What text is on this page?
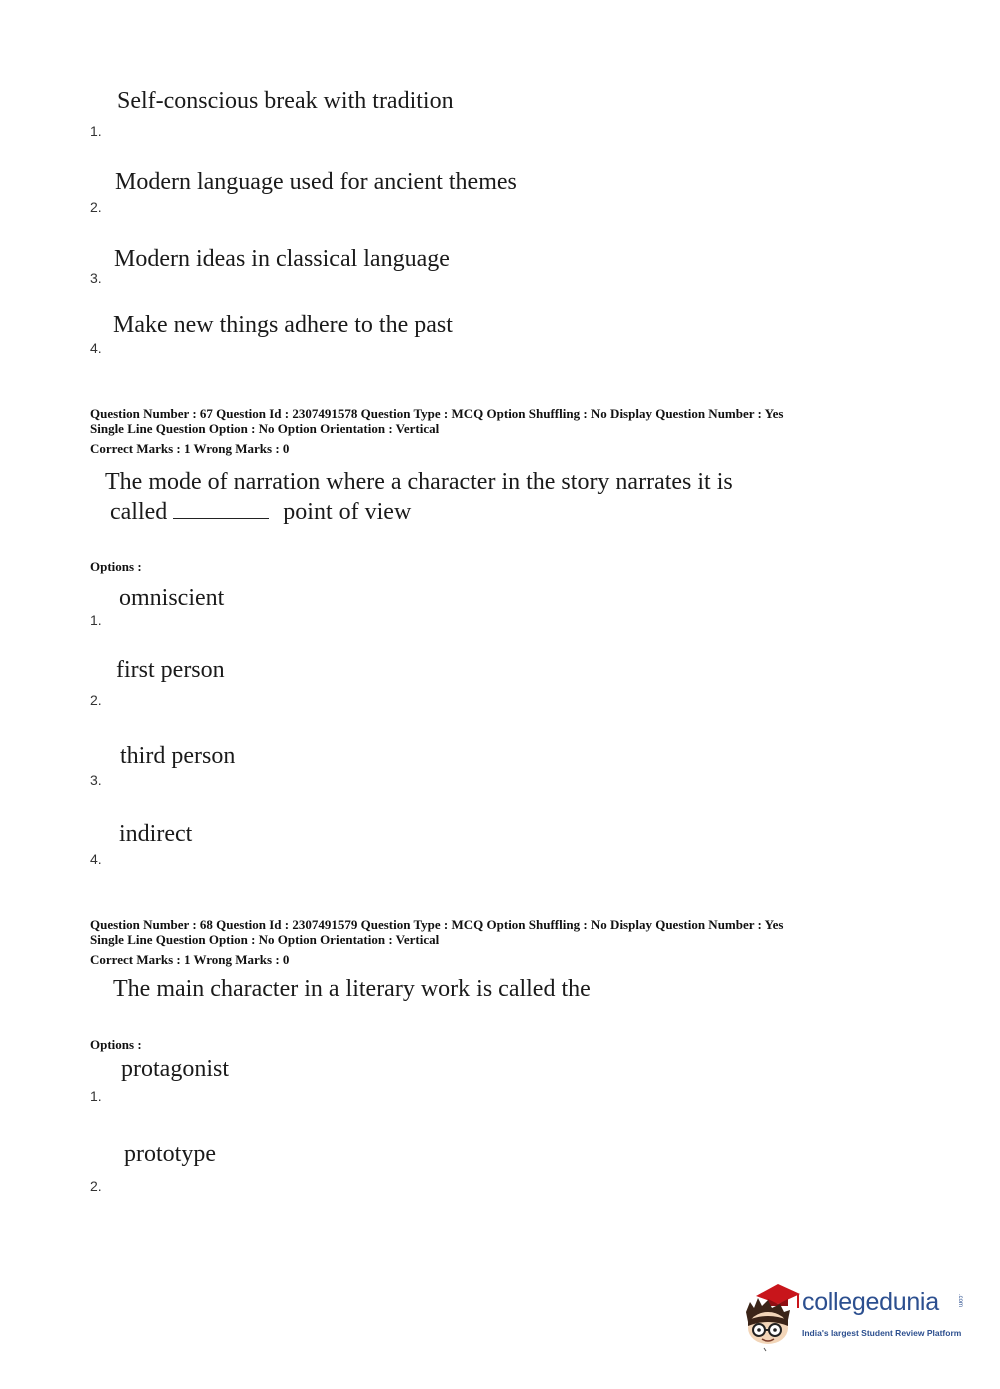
Self-conscious break with tradition
1.
Modern language used for ancient themes
2.
Modern ideas in classical language
3.
Make new things adhere to the past
4.
Question Number : 67 Question Id : 2307491578 Question Type : MCQ Option Shuffling : No Display Question Number : Yes
Single Line Question Option : No Option Orientation : Vertical
Correct Marks : 1 Wrong Marks : 0
The mode of narration where a character in the story narrates it is
called	point of view
Options :
omniscient
1.
first person
2.
third person
3.
indirect
4.
Question Number : 68 Question Id : 2307491579 Question Type : MCQ Option Shuffling : No Display Question Number : Yes
Single Line Question Option : No Option Orientation : Vertical
Correct Marks : 1 Wrong Marks : 0
The main character in a literary work is called the
Options :
protagonist
1.
prototype
2.
collegedunia	.com
India's largest Student Review Platform
